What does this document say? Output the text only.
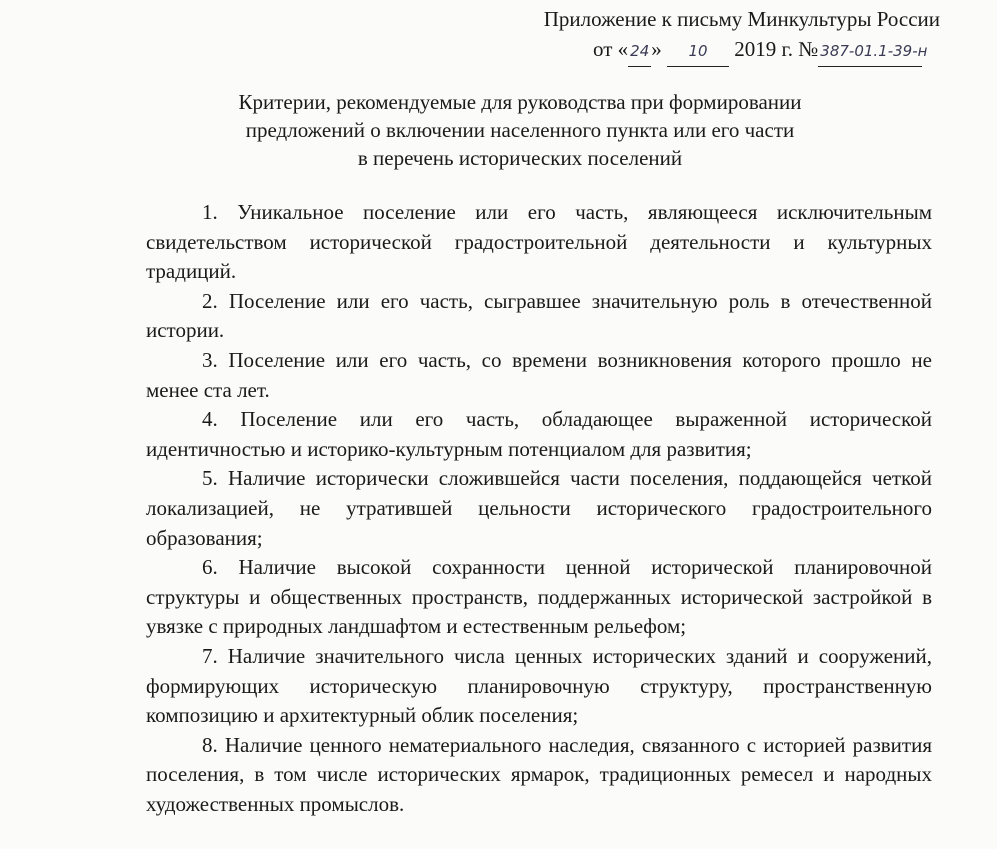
Приложение к письму Минкультуры России
от « 24» 10 2019 г. № 387-01.1-39-н
Критерии, рекомендуемые для руководства при формировании
предложений о включении населенного пункта или его части
в перечень исторических поселений

1. Уникальное поселение или его часть, являющееся исключительным свидетельством исторической градостроительной деятельности и культурных традиций.

2. Поселение или его часть, сыгравшее значительную роль в отечественной истории.

3. Поселение или его часть, со времени возникновения которого прошло не менее ста лет.

4. Поселение или его часть, обладающее выраженной исторической идентичностью и историко-культурным потенциалом для развития;

5. Наличие исторически сложившейся части поселения, поддающейся четкой локализацией, не утратившей цельности исторического градостроительного образования;

6. Наличие высокой сохранности ценной исторической планировочной структуры и общественных пространств, поддержанных исторической застройкой в увязке с природных ландшафтом и естественным рельефом;

7. Наличие значительного числа ценных исторических зданий и сооружений, формирующих историческую планировочную структуру, пространственную композицию и архитектурный облик поселения;

8. Наличие ценного нематериального наследия, связанного с историей развития поселения, в том числе исторических ярмарок, традиционных ремесел и народных художественных промыслов.
